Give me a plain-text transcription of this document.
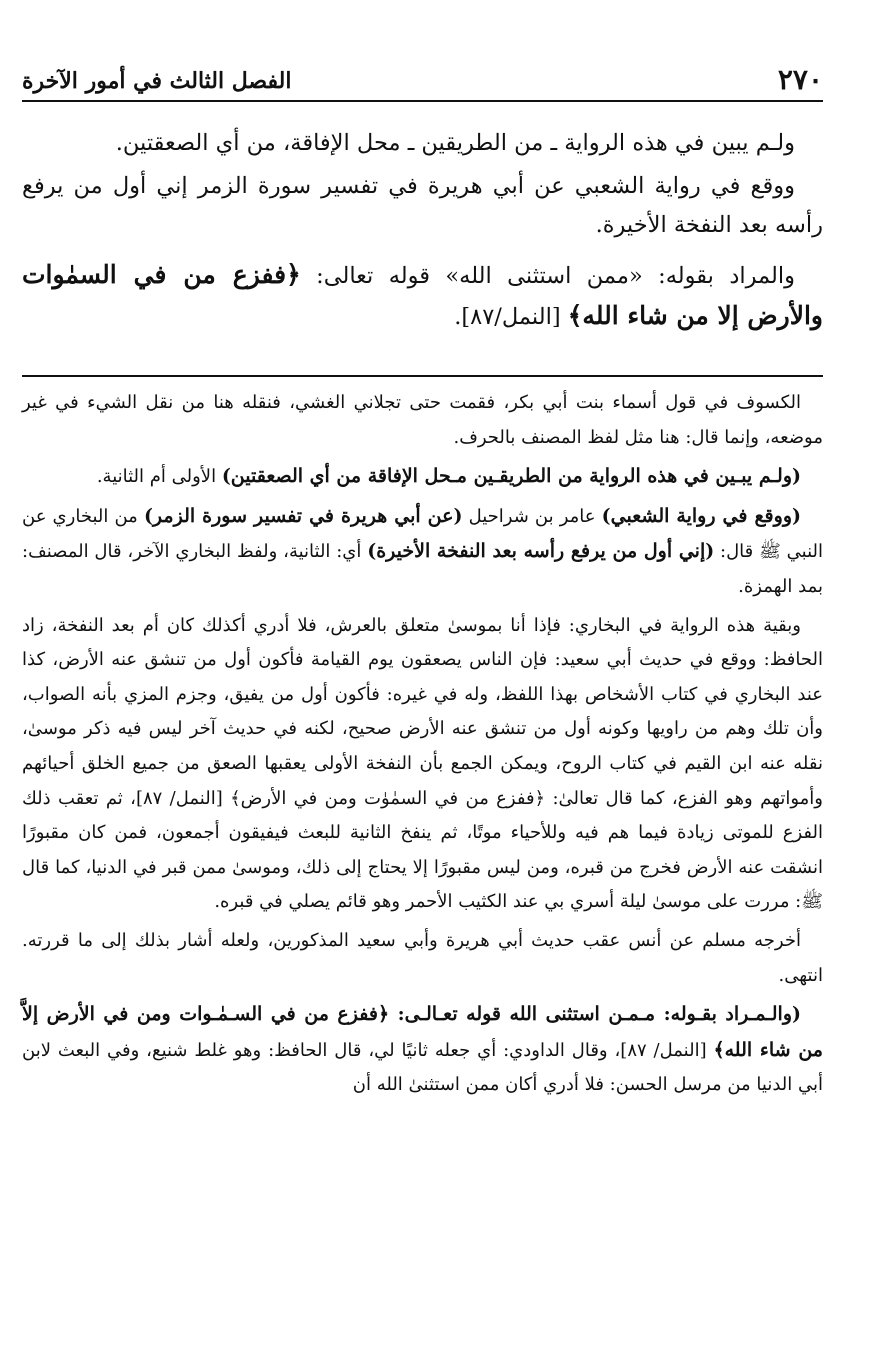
٢٧٠
الفصل الثالث في أمور الآخرة

ولـم يبين في هذه الرواية ـ من الطريقين ـ محل الإفاقة، من أي الصعقتين.

ووقع في رواية الشعبي عن أبي هريرة في تفسير سورة الزمر إني أول من يرفع رأسه بعد النفخة الأخيرة.

والمراد بقوله: «ممن استثنى الله» قوله تعالى: ﴿ففزع من في السمٰوات والأرض إلا من شاء الله﴾ [النمل/٨٧].

الكسوف في قول أسماء بنت أبي بكر، فقمت حتى تجلاني الغشي، فنقله هنا من نقل الشيء في غير موضعه، وإنما قال: هنا مثل لفظ المصنف بالحرف.

(ولـم يبـين في هذه الرواية من الطريقـين مـحل الإفاقة من أي الصعقتين) الأولى أم الثانية.

(ووقع في رواية الشعبي) عامر بن شراحيل (عن أبي هريرة في تفسير سورة الزمر) من البخاري عن النبي ﷺ قال: (إني أول من يرفع رأسه بعد النفخة الأخيرة) أي: الثانية، ولفظ البخاري الآخر، قال المصنف: بمد الهمزة.

وبقية هذه الرواية في البخاري: فإذا أنا بموسىٰ متعلق بالعرش، فلا أدري أكذلك كان أم بعد النفخة، زاد الحافظ: ووقع في حديث أبي سعيد: فإن الناس يصعقون يوم القيامة فأكون أول من تنشق عنه الأرض، كذا عند البخاري في كتاب الأشخاص بهذا اللفظ، وله في غيره: فأكون أول من يفيق، وجزم المزي بأنه الصواب، وأن تلك وهم من راويها وكونه أول من تنشق عنه الأرض صحيح، لكنه في حديث آخر ليس فيه ذكر موسىٰ، نقله عنه ابن القيم في كتاب الروح، ويمكن الجمع بأن النفخة الأولى يعقبها الصعق من جميع الخلق أحيائهم وأمواتهم وهو الفزع، كما قال تعالىٰ: ﴿ففزع من في السمٰوٰت ومن في الأرض﴾ [النمل/ ٨٧]، ثم تعقب ذلك الفزع للموتى زيادة فيما هم فيه وللأحياء موتًا، ثم ينفخ الثانية للبعث فيفيقون أجمعون، فمن كان مقبورًا انشقت عنه الأرض فخرج من قبره، ومن ليس مقبورًا إلا يحتاج إلى ذلك، وموسىٰ ممن قبر في الدنيا، كما قال ﷺ: مررت على موسىٰ ليلة أسري بي عند الكثيب الأحمر وهو قائم يصلي في قبره.

أخرجه مسلم عن أنس عقب حديث أبي هريرة وأبي سعيد المذكورين، ولعله أشار بذلك إلى ما قررته. انتهى.

(والـمـراد بقـوله: مـمـن استثنى الله قوله تعـالـى: ﴿ففزع من في السـمٰـوات ومن في الأرض إلاَّ من شاء الله﴾ [النمل/ ٨٧]، وقال الداودي: أي جعله ثانيًا لي، قال الحافظ: وهو غلط شنيع، وفي البعث لابن أبي الدنيا من مرسل الحسن: فلا أدري أكان ممن استثنىٰ الله أن
